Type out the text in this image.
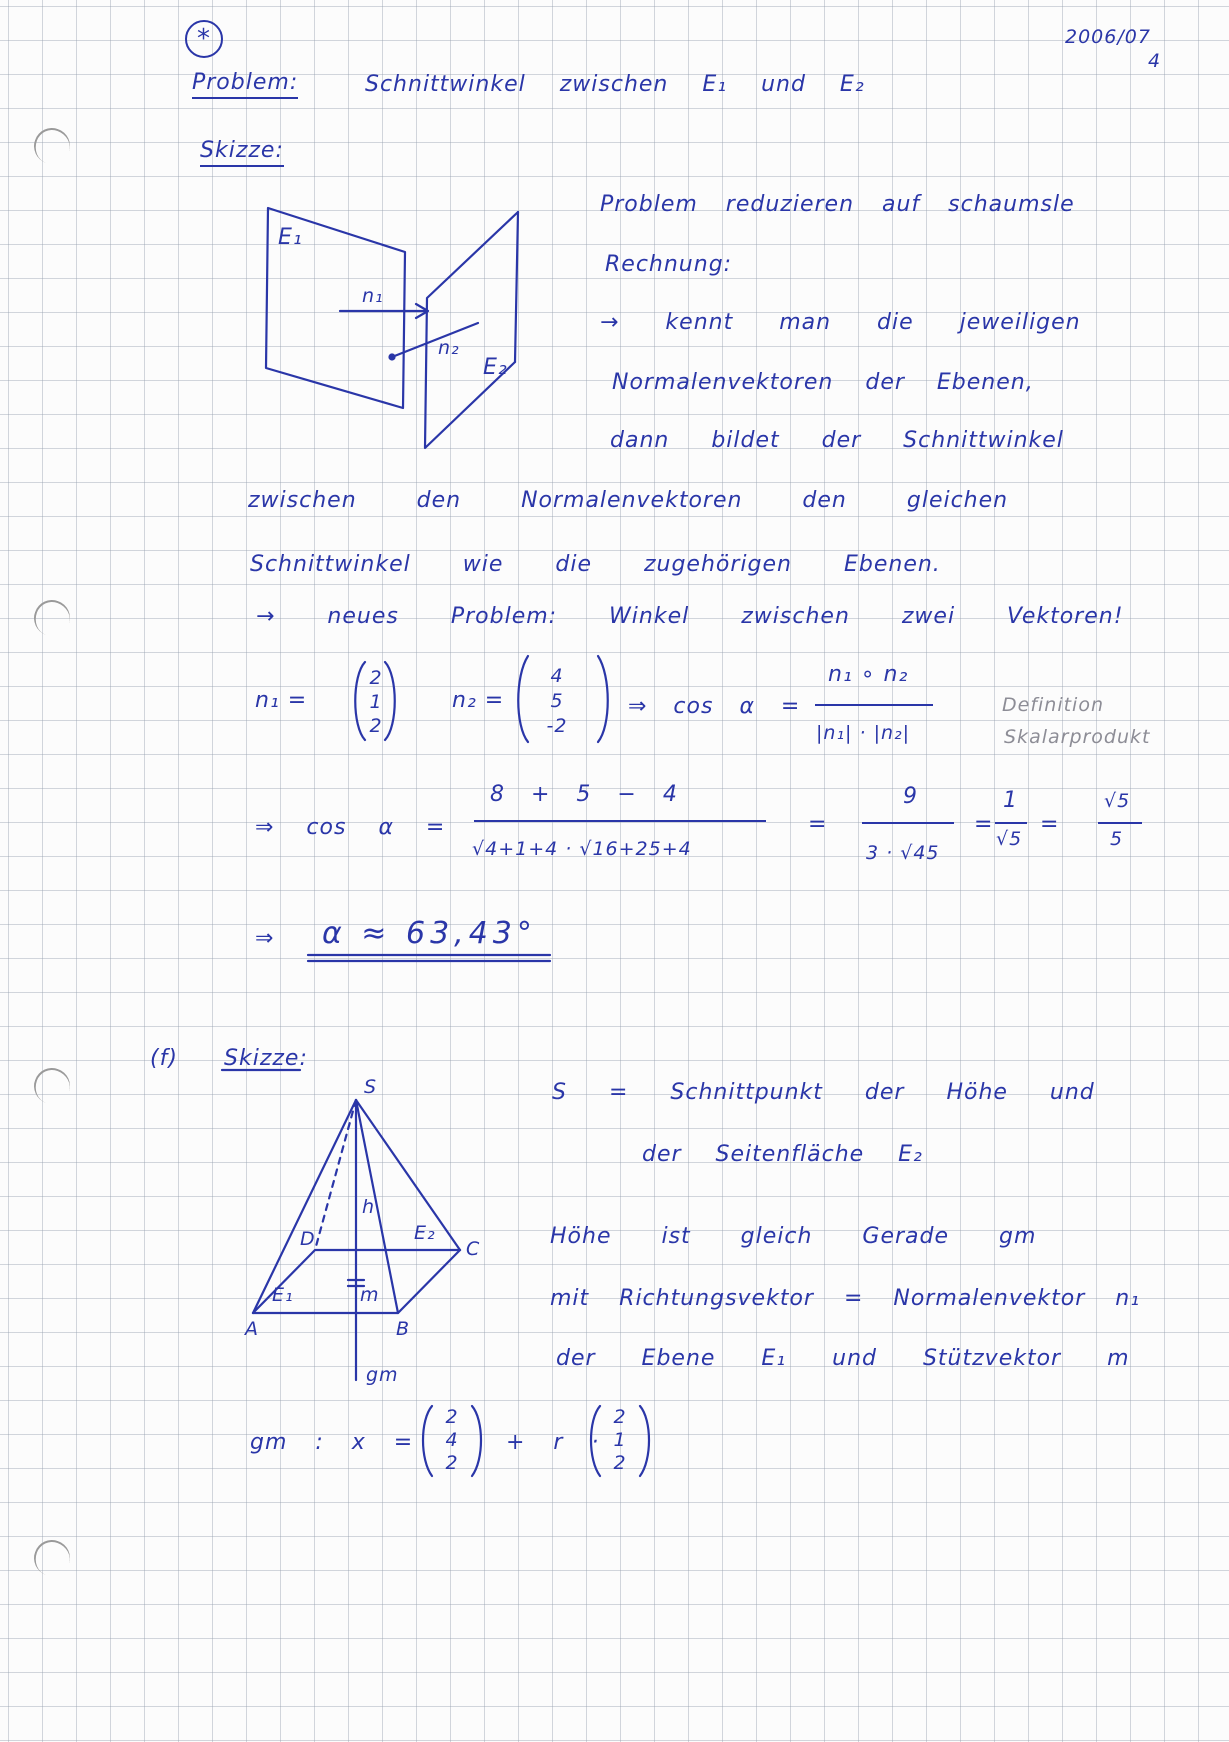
*	2006/07
4
Problem:	Schnittwinkel zwischen E₁ und E₂
Skizze:
E₁
n₁
n₂
E₂
Problem reduzieren auf schaumsle
Rechnung:
→ kennt man die jeweiligen
Normalenvektoren der Ebenen,
dann bildet der Schnittwinkel
zwischen den Normalenvektoren den gleichen
Schnittwinkel wie die zugehörigen Ebenen.
→ neues Problem: Winkel zwischen zwei Vektoren!
n₁ =
2
1
2
n₂ =
4
5
-2
⇒ cos α =
n₁ ∘ n₂
|n₁| · |n₂|
Definition
Skalarprodukt
⇒ cos α =
8 + 5 − 4
√4+1+4 · √16+25+4
=
9
3 · √45
=
1
√5
=
√5
5
⇒ α ≈ 63,43°
(f) Skizze:
S
A	B
C
D
h
E₁
E₂
m
gm
S = Schnittpunkt der Höhe und
der Seitenfläche E₂
Höhe ist gleich Gerade gm
mit Richtungsvektor = Normalenvektor n₁
der Ebene E₁ und Stützvektor m
gm : x =
2
4
2
+ r ·
2
1
2
